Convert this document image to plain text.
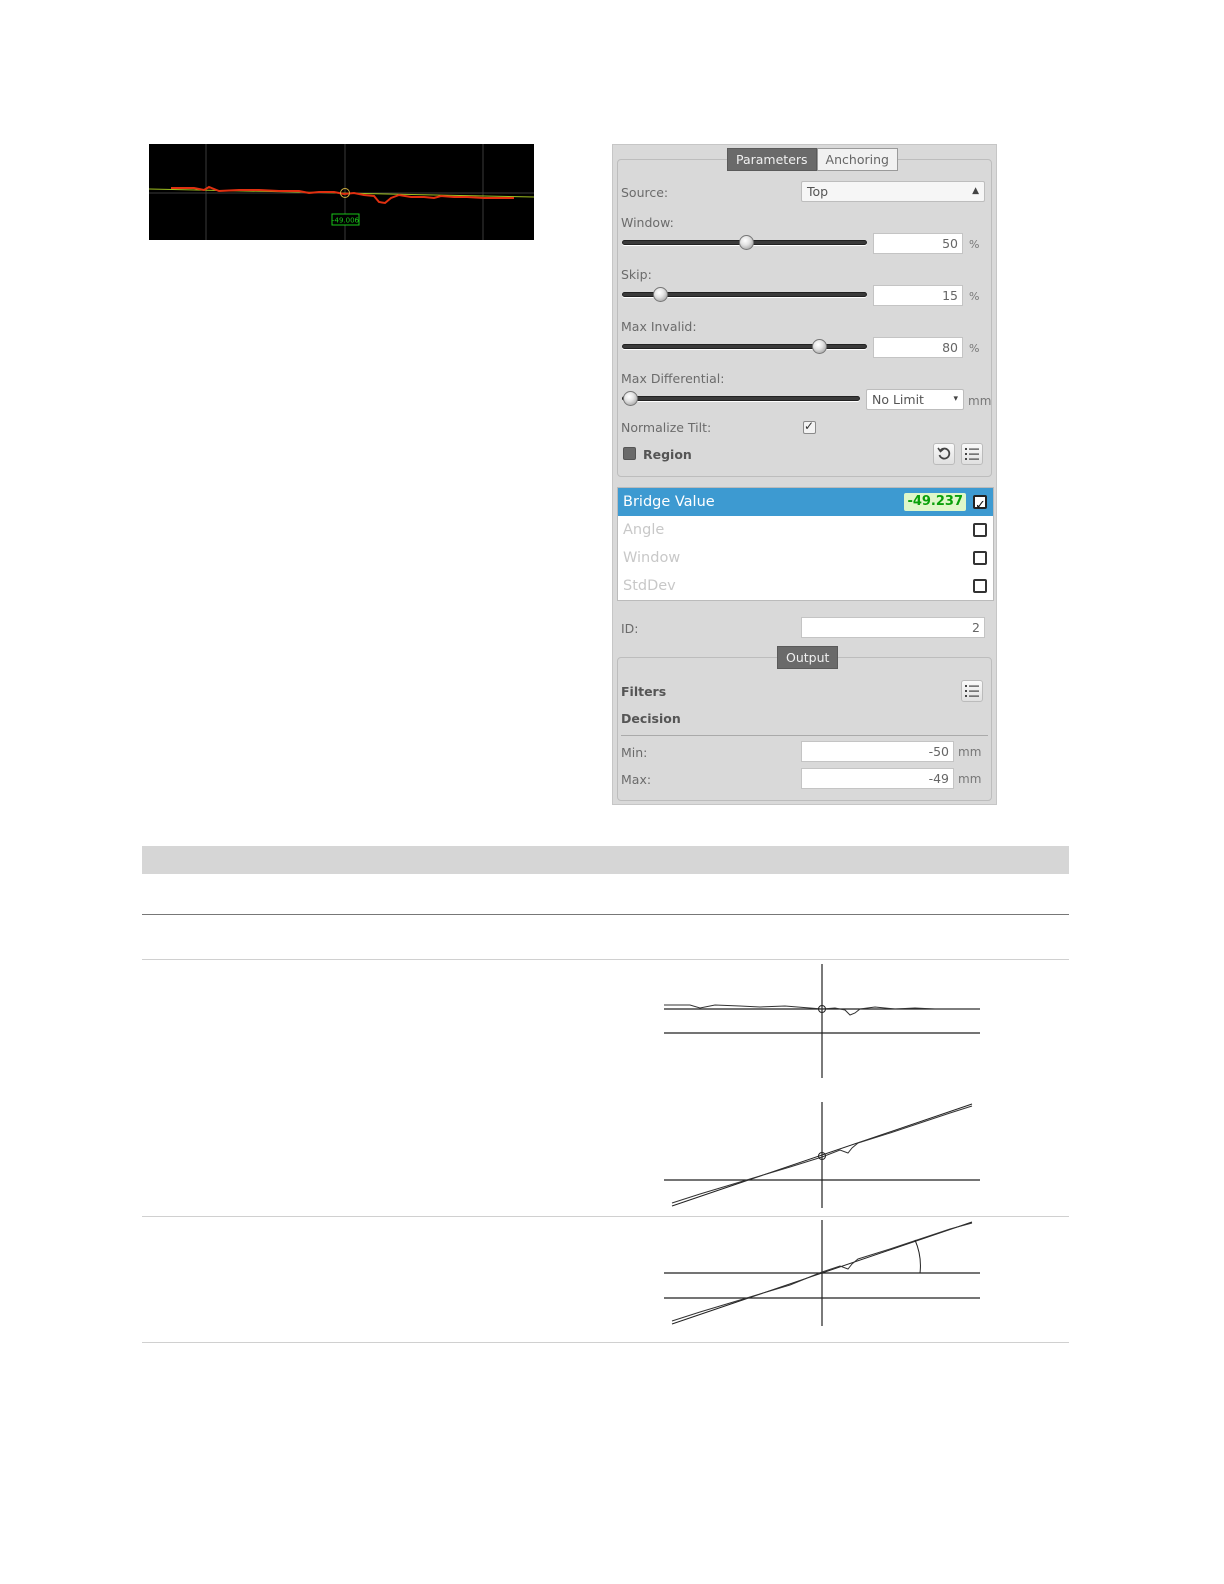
-49.006
Parameters	Anchoring
Source:	Top	▲

Window:
50	%
Skip:
15	%
Max Invalid:
80	%
Max Differential:
No Limit	▾ mm
Normalize Tilt:
✓
Region
Bridge Value	-49.237
✓
Angle
Window
StdDev
ID:	2
Output
Filters
Decision
Min:	-50 mm
Max:	-49 mm
